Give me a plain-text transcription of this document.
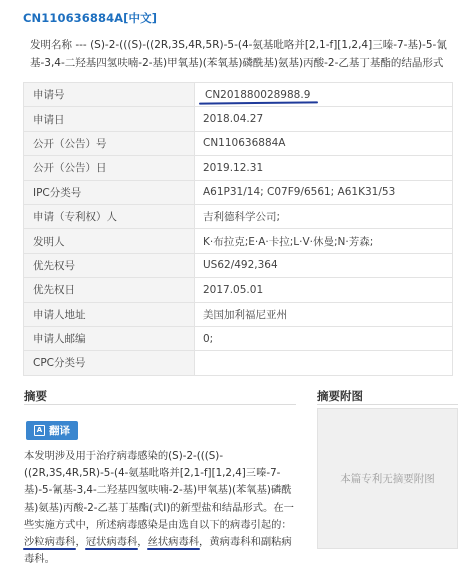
CN110636884A[中文]
发明名称 --- (S)-2-(((S)-((2R,3S,4R,5R)-5-(4-氨基吡咯并[2,1-f][1,2,4]三嗪-7-基)-5-氰基-3,4-二羟基四氢呋喃-2-基)甲氧基)(苯氧基)磷酰基)氨基)丙酸-2-乙基丁基酯的结晶形式
申请号	CN201880028988.9
申请日	2018.04.27
公开（公告）号	CN110636884A
公开（公告）日	2019.12.31
IPC分类号	A61P31/14; C07F9/6561; A61K31/53
申请（专利权）人	吉利德科学公司;
发明人	K·布拉克;E·A·卡拉;L·V·休曼;N·芳森;
优先权号	US62/492,364
优先权日	2017.05.01
申请人地址	美国加利福尼亚州
申请人邮编	0;
CPC分类号	
摘要	摘要附图
A 翻译
本发明涉及用于治疗病毒感染的(S)-2-(((S)-((2R,3S,4R,5R)-5-(4-氨基吡咯并[2,1-f][1,2,4]三嗪-7-基)-5-氰基-3,4-二羟基四氢呋喃-2-基)甲氧基)(苯氧基)磷酰基)氨基)丙酸-2-乙基丁基酯(式I)的新型盐和结晶形式。在一些实施方式中，所述病毒感染是由选自以下的病毒引起的：沙粒病毒科，冠状病毒科，丝状病毒科，黄病毒科和副粘病毒科。
本篇专利无摘要附图
